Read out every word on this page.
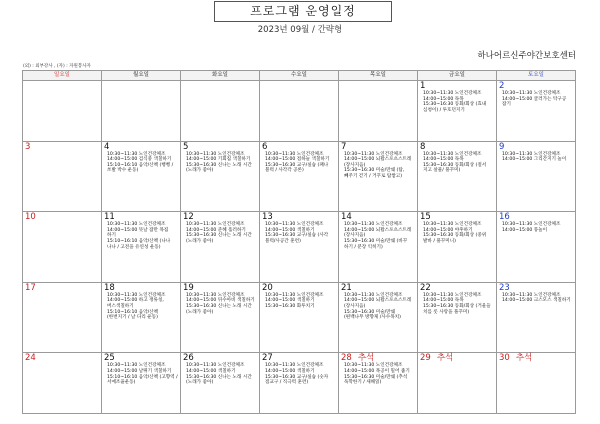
프로그램 운영일정
2023년 09월 / 간략형
하나어르신주야간보호센터
(외) : 외부강사 , (자) : 자원봉사자
일요일	월요일	화요일	수요일	목요일	금요일	토요일

					1
10:30~11:30 노인건강체조
14:00~15:00 독목
15:30~16:30 동화/회상 (효내 심청이) / 투호던지기	2
10:30~11:30 노인건강체조
14:00~15:00 굴러가는 탁구공 잡기

3	4
10:30~11:30 노인건강체조
14:00~15:00 검식중 색칠하기
15:10~16:10 음악/산책 (뻥뻥 / 쏘발 박수 운동)	5
10:30~11:30 노인건강체조
14:00~15:00 기회집 색칠하기
15:30~16:30 신나는 노래 시간 (노래가 좋아)	6
10:30~11:30 노인건강체조
14:00~15:00 점하늘 색칠하기
15:30~16:30 교구/실습 (패나 블럭 / 사각각 공론)	7
10:30~11:30 노인건강체조
14:00~15:00 뇌활스포츠스트레(장사지음)
15:30~16:30 미술/만쉐 (탑, 빼주기 걷기 / 거꾸로 탑쌓고)	8
10:30~11:30 노인건강체조
14:00~15:00 독목
15:30~16:30 동화/회상 (절서 지고 살물/ 풀꾸미)	9
10:30~11:30 노인건강체조
14:00~15:00 그리간지기 놀이

10	11
10:30~11:30 노인건강체조
14:00~15:00 뜻날 잡만 목집 하기
15:10~16:10 음악/산책 (나나 나나 / 고전을 유연성 운동)	12
10:30~11:30 노인건강체조
14:00~15:00 준혜 흘러하기
15:30~16:30 신나는 노래 시간 (노래가 좋아)	13
10:30~11:30 노인건강체조
14:00~15:00 색칠하기
15:30~16:30 교구/실습 (사각 블럭/사공간 훈련)	14
10:30~11:30 노인건강체조
14:00~15:00 뇌활스포츠스트레(장사지음)
15:30~16:30 미술/만쉐 (바꾸 하기 / 분장 익히기)	15
10:30~11:30 노인건강체조
14:00~15:00 야후하기
15:30~16:30 동화/회상 (중위 발바 / 풀꾸미니)	16
10:30~11:30 노인건강체조
14:00~15:00 풍놀이

17	18
10:30~11:30 노인건강체조
14:00~15:00 하고 정류칭, 버스색칠하기
15:10~16:10 음악/산책 (한번지기 / 날 다리 운동)	19
10:30~11:30 노인건강체조
14:00~15:00 뒤수아비 색칠하기
15:30~16:30 신나는 노래 시간 (노래가 좋아)	20
10:30~11:30 노인건강체조
14:00~15:00 색칠하기
15:30~16:30 화투치기	21
10:30~11:30 노인건강체조
14:00~15:00 뇌활스포츠스트레(장사지음)
15:30~16:30 미술/만쉐 (편백나무 방향제 /사수목치)	22
10:30~11:30 노인건강체조
14:00~15:00 독목
15:30~16:30 동화/회상 (거울들 치를 롯 사랑을 풀꾸미)	23
10:30~11:30 노인건강체조
14:00~15:00 크스모스 색칠하기

24	25
10:30~11:30 노인건강체조
14:00~15:00 날뛰기 색칠하기
15:10~16:10 음악/산책 (고향역 / 서예조율운동)	26
10:30~11:30 노인건강체조
14:00~15:00 색칠하기
15:30~16:30 신나는 노래 시간 (노래가 좋아)	27
10:30~11:30 노인건강체조
14:00~15:00 색칠하기
15:30~16:30 교구/실습 (숫자 점교구 / 직극력 훈련)	28 추석
10:30~11:30 노인건강체조
14:00~15:00 목공이 밀어 줍기
15:30~16:30 미술/만쉐 (추석 독학한기 / 새해읽)	29 추석	30 추석
